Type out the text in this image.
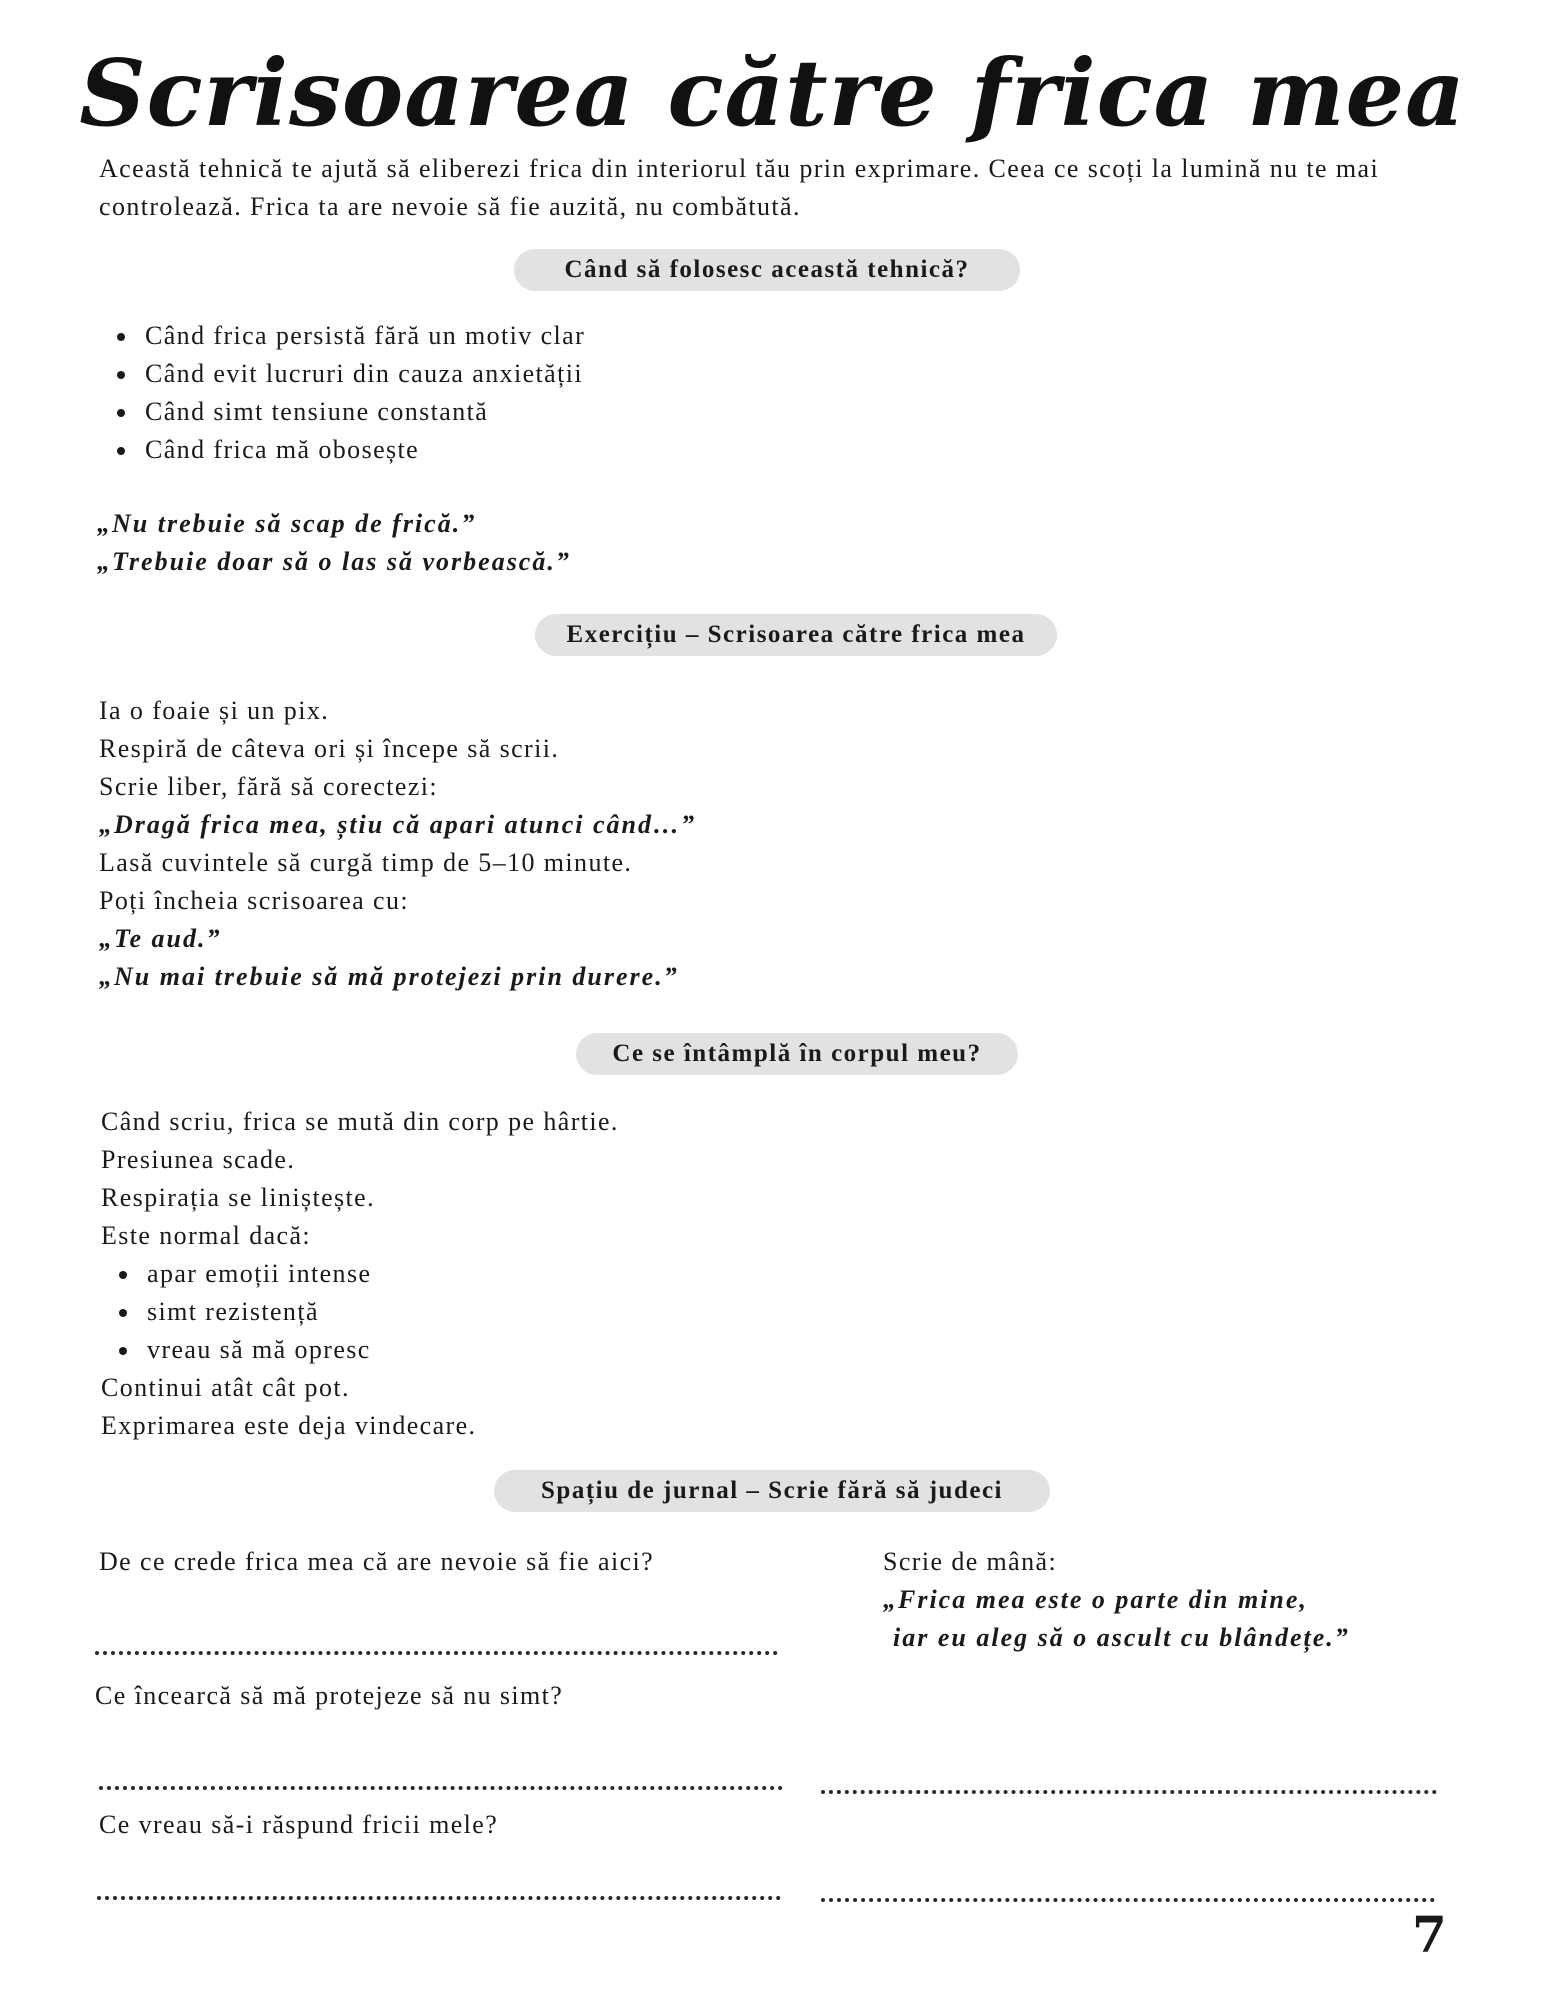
Scrisoarea către frica mea
Această tehnică te ajută să eliberezi frica din interiorul tău prin exprimare. Ceea ce scoți la lumină nu te mai controlează. Frica ta are nevoie să fie auzită, nu combătută.
Când să folosesc această tehnică?
Când frica persistă fără un motiv clar
Când evit lucruri din cauza anxietății
Când simt tensiune constantă
Când frica mă obosește

„Nu trebuie să scap de frică.”

„Trebuie doar să o las să vorbească.”

Exercițiu – Scrisoarea către frica mea

Ia o foaie și un pix.

Respiră de câteva ori și începe să scrii.

Scrie liber, fără să corectezi:

„Dragă frica mea, știu că apari atunci când…”

Lasă cuvintele să curgă timp de 5–10 minute.

Poți încheia scrisoarea cu:

„Te aud.”

„Nu mai trebuie să mă protejezi prin durere.”

Ce se întâmplă în corpul meu?

Când scriu, frica se mută din corp pe hârtie.

Presiunea scade.

Respirația se liniștește.

Este normal dacă:

apar emoții intense
simt rezistență
vreau să mă opresc

Continui atât cât pot.

Exprimarea este deja vindecare.

Spațiu de jurnal – Scrie fără să judeci
De ce crede frica mea că are nevoie să fie aici?
Ce încearcă să mă protejeze să nu simt?
Ce vreau să-i răspund fricii mele?

Scrie de mână:

„Frica mea este o parte din mine,

iar eu aleg să o ascult cu blândețe.”

7
